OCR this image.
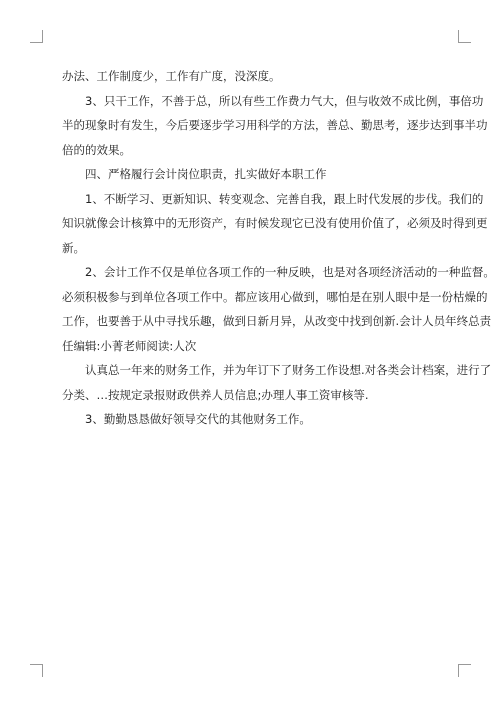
办法、工作制度少，工作有广度，没深度。

3、只干工作，不善于总，所以有些工作费力气大，但与收效不成比例，事倍功
半的现象时有发生，今后要逐步学习用科学的方法，善总、勤思考，逐步达到事半功
倍的的效果。

四、严格履行会计岗位职责，扎实做好本职工作

1、不断学习、更新知识、转变观念、完善自我，跟上时代发展的步伐。我们的
知识就像会计核算中的无形资产，有时候发现它已没有使用价值了，必须及时得到更
新。

2、会计工作不仅是单位各项工作的一种反映，也是对各项经济活动的一种监督。
必须积极参与到单位各项工作中。都应该用心做到，哪怕是在别人眼中是一份枯燥的
工作，也要善于从中寻找乐趣，做到日新月异，从改变中找到创新.会计人员年终总责
任编辑:小菁老师阅读:人次

认真总一年来的财务工作，并为年订下了财务工作设想.对各类会计档案，进行了
分类、…按规定录报财政供养人员信息;办理人事工资审核等.

3、勤勤恳恳做好领导交代的其他财务工作。
